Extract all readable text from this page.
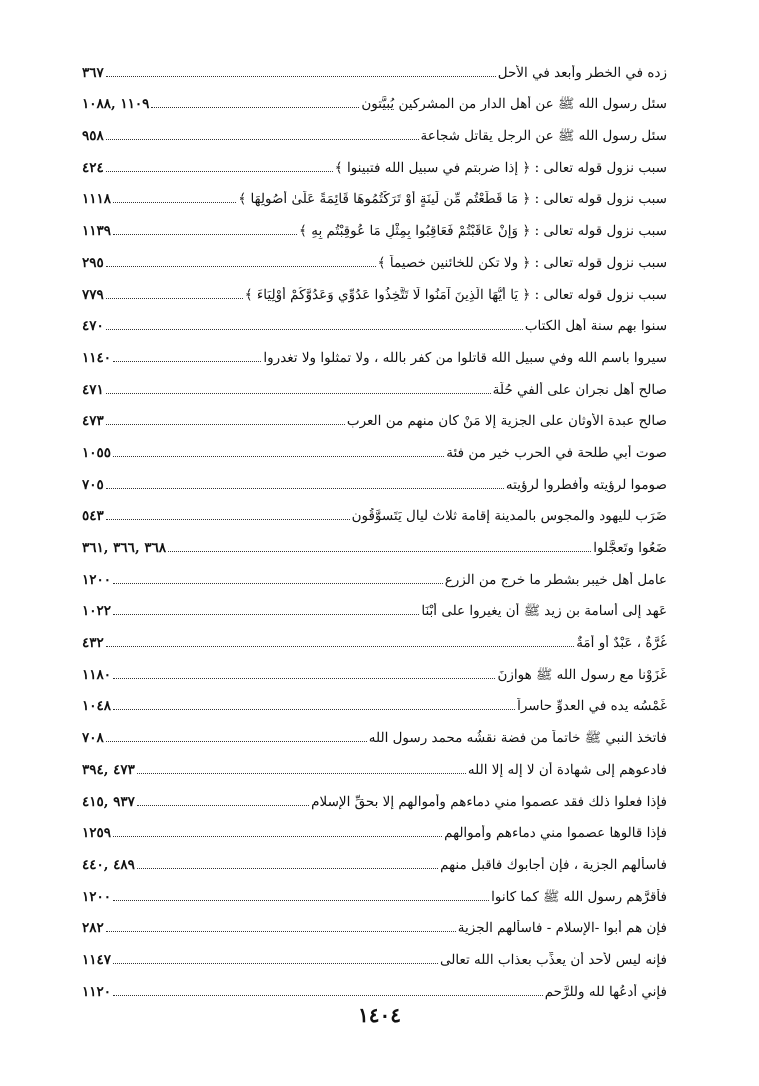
زده في الخطر وأبعد في الأحل
٣٦٧
سئل رسول الله ﷺ عن أهل الدار من المشركين يُبيَّتون
١١٠٩ ,١٠٨٨
سئل رسول الله ﷺ عن الرجل يقاتل شجاعة
٩٥٨
سبب نزول قوله تعالى : ﴿ إذا ضربتم في سبيل الله فتبينوا ﴾
٤٢٤
سبب نزول قوله تعالى : ﴿ مَا قَطَعْتُم مِّن لِّينَةٍ أَوْ تَرَكْتُمُوهَا قَائِمَةً عَلَىٰ أُصُولِهَا ﴾
١١١٨
سبب نزول قوله تعالى : ﴿ وَإِنْ عَاقَبْتُمْ فَعَاقِبُوا بِمِثْلِ مَا عُوقِبْتُم بِهِ ﴾
١١٣٩
سبب نزول قوله تعالى : ﴿ ولا تكن للخائنين خصيماً ﴾
٢٩٥
سبب نزول قوله تعالى : ﴿ يَا أَيُّهَا الَّذِينَ آمَنُوا لَا تَتَّخِذُوا عَدُوِّي وَعَدُوَّكُمْ أَوْلِيَاءَ ﴾
٧٧٩
سنوا بهم سنة أهل الكتاب
٤٧٠
سيروا باسم الله وفي سبيل الله قاتلوا من كفر بالله ، ولا تمثلوا ولا تغدروا
١١٤٠
صالح أهل نجران على ألفي حُلّة
٤٧١
صالح عبدة الأوثان على الجزية إلا مَنْ كان منهم من العرب
٤٧٣
صوت أبي طلحة في الحرب خير من فئة
١٠٥٥
صوموا لرؤيته وأفطروا لرؤيته
٧٠٥
ضَرَب لليهود والمجوس بالمدينة إقامة ثلاث ليال يَتَسوَّقُون
٥٤٣
ضَعُوا وتَعجَّلوا
٣٦٨ ,٣٦٦ ,٣٦١
عامل أهل خيبر بشطر ما خرج من الزرع
١٢٠٠
عَهِد إلى أسامة بن زيد ﷺ أن يغيروا على أُبْنَا
١٠٢٢
غُرَّةٌ ، عَبْدٌ أو أَمَةٌ
٤٣٢
غَزَوْنا مع رسول الله ﷺ هوازنَ
١١٨٠
غَمْسُه يده في العدوِّ حاسراً
١٠٤٨
فاتخذ النبي ﷺ خاتماً من فضة نقشُه محمد رسول الله
٧٠٨
فادعوهم إلى شهادة أن لا إله إلا الله
٤٧٣ ,٣٩٤
فإذا فعلوا ذلك فقد عصموا مني دماءهم وأموالهم إلا بحقِّ الإسلام
٩٣٧ ,٤١٥
فإذا قالوها عصموا مني دماءهم وأموالهم
١٢٥٩
فاسألهم الجزية ، فإن أجابوك فاقبل منهم
٤٨٩ ,٤٤٠
فأقرَّهم رسول الله ﷺ كما كانوا
١٢٠٠
فإن هم أبوا -الإسلام - فاسألهم الجزية
٢٨٢
فإنه ليس لأحد أن يعذِّب بعذاب الله تعالى
١١٤٧
فإني أدعُها لله وللرَّحم
١١٢٠
١٤٠٤
